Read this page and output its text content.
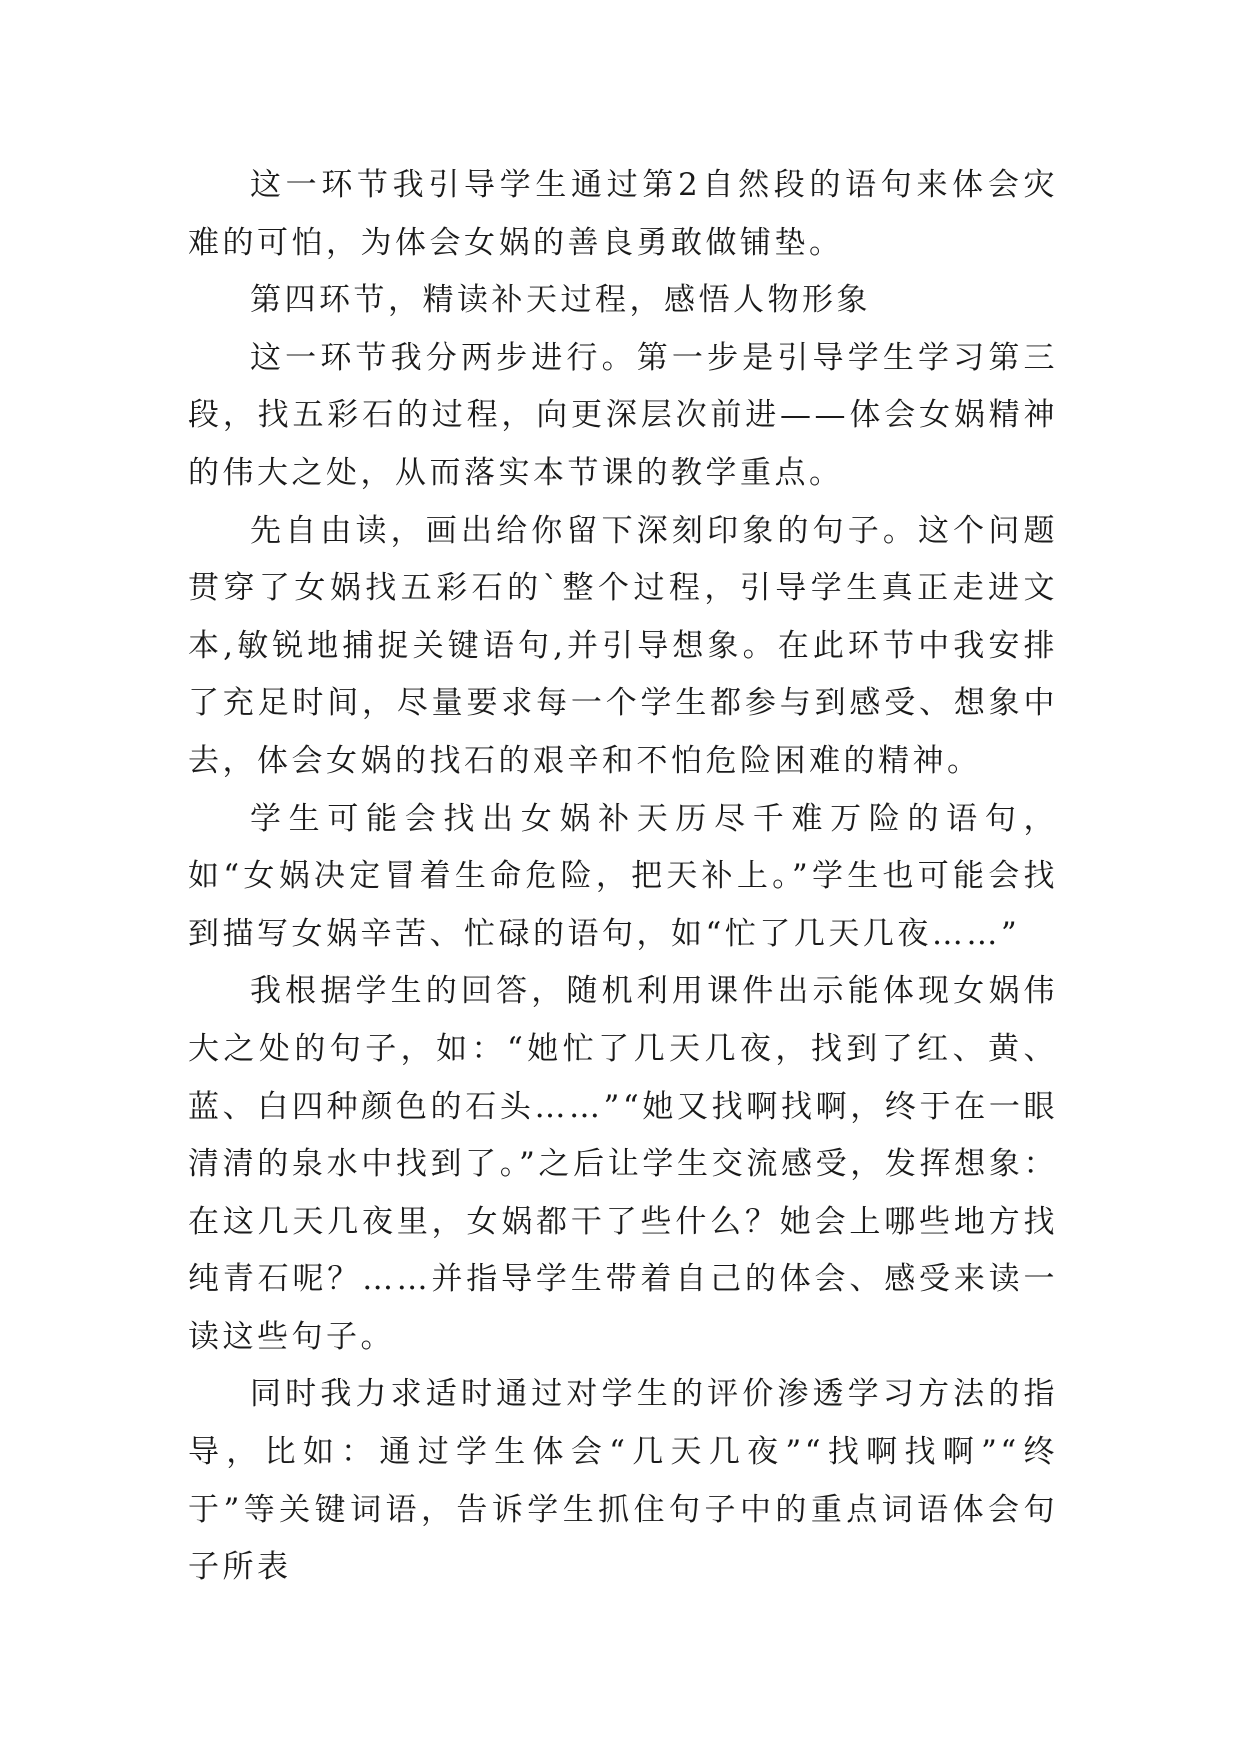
这一环节我引导学生通过第2自然段的语句来体会灾难的可怕，为体会女娲的善良勇敢做铺垫。

第四环节，精读补天过程，感悟人物形象

这一环节我分两步进行。第一步是引导学生学习第三段，找五彩石的过程，向更深层次前进——体会女娲精神的伟大之处，从而落实本节课的教学重点。

先自由读，画出给你留下深刻印象的句子。这个问题贯穿了女娲找五彩石的`整个过程，引导学生真正走进文本,敏锐地捕捉关键语句,并引导想象。在此环节中我安排了充足时间，尽量要求每一个学生都参与到感受、想象中去，体会女娲的找石的艰辛和不怕危险困难的精神。

学生可能会找出女娲补天历尽千难万险的语句，如“女娲决定冒着生命危险，把天补上。”学生也可能会找到描写女娲辛苦、忙碌的语句，如“忙了几天几夜……”

我根据学生的回答，随机利用课件出示能体现女娲伟大之处的句子，如：“她忙了几天几夜，找到了红、黄、蓝、白四种颜色的石头……”“她又找啊找啊，终于在一眼清清的泉水中找到了。”之后让学生交流感受，发挥想象：在这几天几夜里，女娲都干了些什么？她会上哪些地方找纯青石呢？……并指导学生带着自己的体会、感受来读一读这些句子。

同时我力求适时通过对学生的评价渗透学习方法的指导，比如：通过学生体会“几天几夜”“找啊找啊”“终于”等关键词语，告诉学生抓住句子中的重点词语体会句子所表
